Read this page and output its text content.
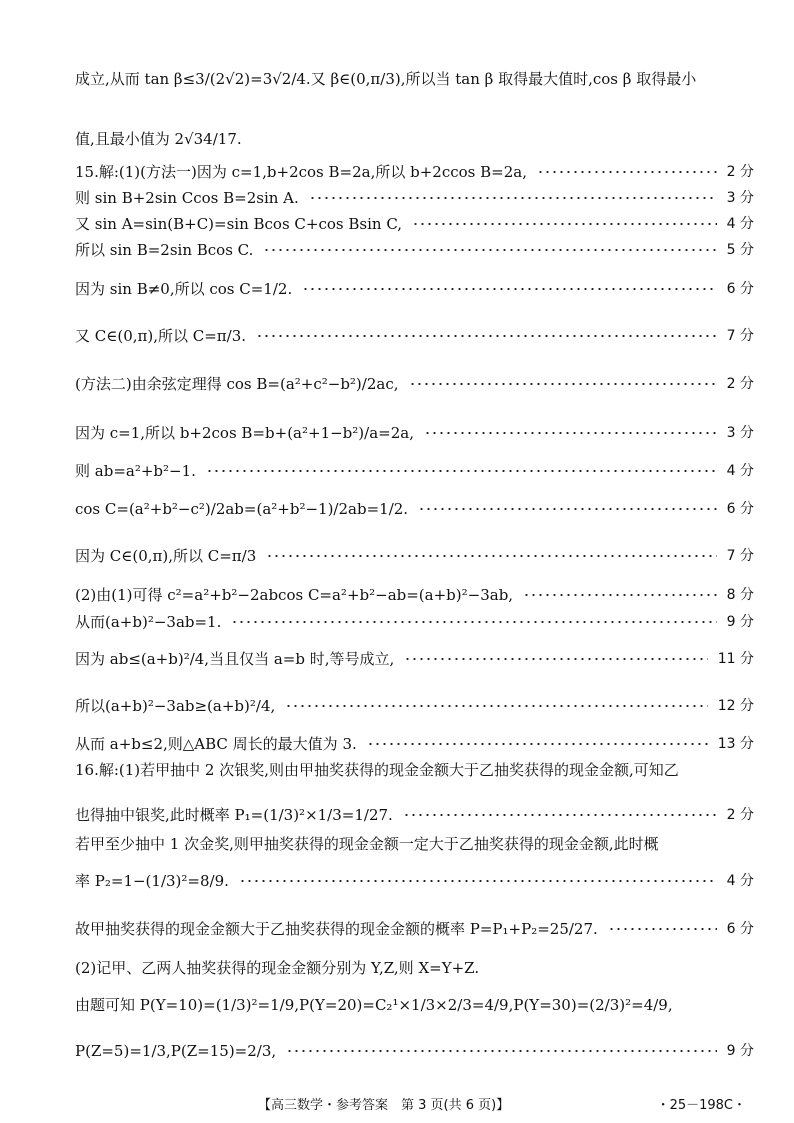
成立,从而 tan β≤3/(2√2)=3√2/4.又 β∈(0,π/3),所以当 tan β 取得最大值时,cos β 取得最小
值,且最小值为 2√34/17.
15.解:(1)(方法一)因为 c=1,b+2cos B=2a,所以 b+2ccos B=2a,	2 分
则 sin B+2sin Ccos B=2sin A.	3 分
又 sin A=sin(B+C)=sin Bcos C+cos Bsin C,	4 分
所以 sin B=2sin Bcos C.	5 分
因为 sin B≠0,所以 cos C=1/2.	6 分
又 C∈(0,π),所以 C=π/3.	7 分
(方法二)由余弦定理得 cos B=(a²+c²−b²)/2ac,	2 分
因为 c=1,所以 b+2cos B=b+(a²+1−b²)/a=2a,	3 分
则 ab=a²+b²−1.	4 分
cos C=(a²+b²−c²)/2ab=(a²+b²−1)/2ab=1/2.	6 分
因为 C∈(0,π),所以 C=π/3	7 分
(2)由(1)可得 c²=a²+b²−2abcos C=a²+b²−ab=(a+b)²−3ab,	8 分
从而(a+b)²−3ab=1.	9 分
因为 ab≤(a+b)²/4,当且仅当 a=b 时,等号成立,	11 分
所以(a+b)²−3ab≥(a+b)²/4,	12 分
从而 a+b≤2,则△ABC 周长的最大值为 3.	13 分
16.解:(1)若甲抽中 2 次银奖,则由甲抽奖获得的现金金额大于乙抽奖获得的现金金额,可知乙
也得抽中银奖,此时概率 P₁=(1/3)²×1/3=1/27.	2 分
若甲至少抽中 1 次金奖,则甲抽奖获得的现金金额一定大于乙抽奖获得的现金金额,此时概
率 P₂=1−(1/3)²=8/9.	4 分
故甲抽奖获得的现金金额大于乙抽奖获得的现金金额的概率 P=P₁+P₂=25/27.	6 分
(2)记甲、乙两人抽奖获得的现金金额分别为 Y,Z,则 X=Y+Z.
由题可知 P(Y=10)=(1/3)²=1/9,P(Y=20)=C₂¹×1/3×2/3=4/9,P(Y=30)=(2/3)²=4/9,
P(Z=5)=1/3,P(Z=15)=2/3,	9 分
【高三数学・参考答案　第 3 页(共 6 页)】	・25－198C・
